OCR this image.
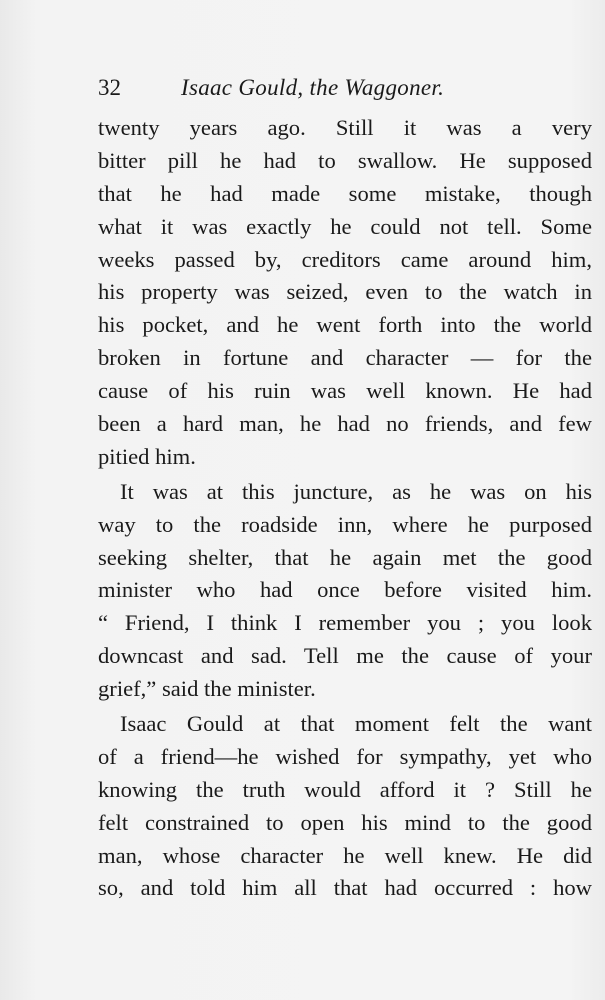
32	Isaac Gould, the Waggoner.
twenty years ago. Still it was a very
bitter pill he had to swallow. He supposed
that he had made some mistake, though
what it was exactly he could not tell. Some
weeks passed by, creditors came around him,
his property was seized, even to the watch in
his pocket, and he went forth into the world
broken in fortune and character — for the
cause of his ruin was well known. He had
been a hard man, he had no friends, and few
pitied him.
It was at this juncture, as he was on his
way to the roadside inn, where he purposed
seeking shelter, that he again met the good
minister who had once before visited him.
“ Friend, I think I remember you ; you look
downcast and sad. Tell me the cause of your
grief,” said the minister.
Isaac Gould at that moment felt the want
of a friend—he wished for sympathy, yet who
knowing the truth would afford it ? Still he
felt constrained to open his mind to the good
man, whose character he well knew. He did
so, and told him all that had occurred : how
